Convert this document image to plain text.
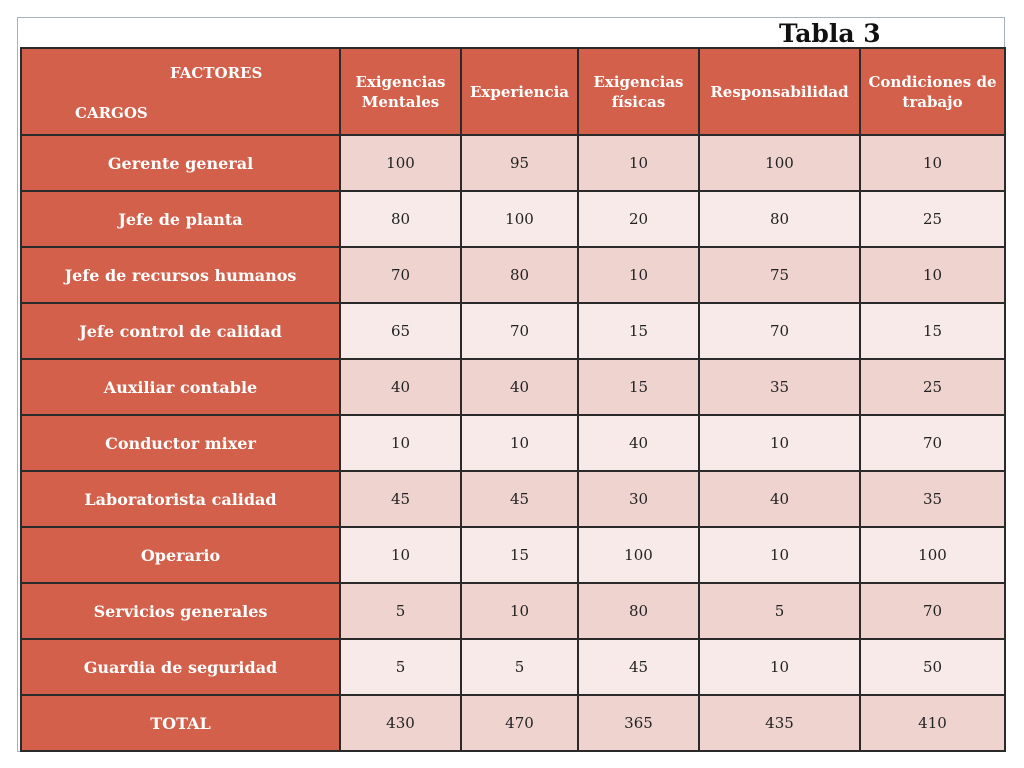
Tabla 3
FACTORES
CARGOS	Exigencias Mentales	Experiencia	Exigencias físicas	Responsabilidad	Condiciones de trabajo
Gerente general	100	95	10	100	10
Jefe de planta	80	100	20	80	25
Jefe de recursos humanos	70	80	10	75	10
Jefe control de calidad	65	70	15	70	15
Auxiliar contable	40	40	15	35	25
Conductor mixer	10	10	40	10	70
Laboratorista calidad	45	45	30	40	35
Operario	10	15	100	10	100
Servicios generales	5	10	80	5	70
Guardia de seguridad	5	5	45	10	50
TOTAL	430	470	365	435	410
